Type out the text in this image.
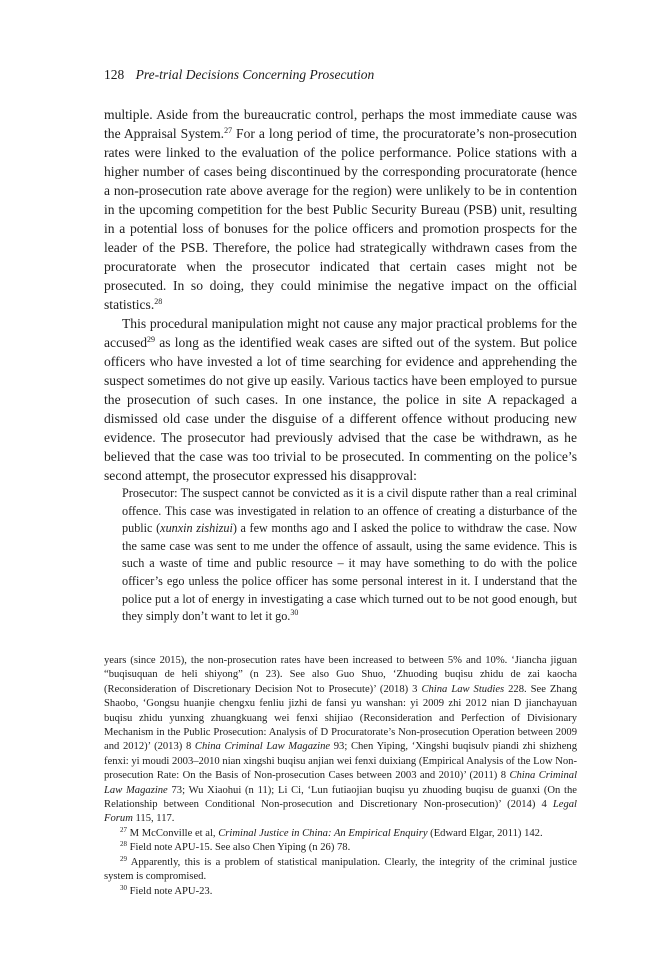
128 Pre-trial Decisions Concerning Prosecution

multiple. Aside from the bureaucratic control, perhaps the most immediate cause was the Appraisal System.$^{27}$ For a long period of time, the procuratorate’s non-prosecution rates were linked to the evaluation of the police performance. Police stations with a higher number of cases being discontinued by the corresponding procuratorate (hence a non-prosecution rate above average for the region) were unlikely to be in contention in the upcoming competition for the best Public Security Bureau (PSB) unit, resulting in a potential loss of bonuses for the police officers and promotion prospects for the leader of the PSB. Therefore, the police had strategically withdrawn cases from the procuratorate when the prosecutor indicated that certain cases might not be prosecuted. In so doing, they could minimise the negative impact on the official statistics.$^{28}$

This procedural manipulation might not cause any major practical problems for the accused$^{29}$ as long as the identified weak cases are sifted out of the system. But police officers who have invested a lot of time searching for evidence and apprehending the suspect sometimes do not give up easily. Various tactics have been employed to pursue the prosecution of such cases. In one instance, the police in site A repackaged a dismissed old case under the disguise of a different offence without producing new evidence. The prosecutor had previously advised that the case be withdrawn, as he believed that the case was too trivial to be prosecuted. In commenting on the police’s second attempt, the prosecutor expressed his disapproval:

Prosecutor: The suspect cannot be convicted as it is a civil dispute rather than a real criminal offence. This case was investigated in relation to an offence of creating a disturbance of the public (xunxin zishizui) a few months ago and I asked the police to withdraw the case. Now the same case was sent to me under the offence of assault, using the same evidence. This is such a waste of time and public resource – it may have something to do with the police officer’s ego unless the police officer has some personal interest in it. I understand that the police put a lot of energy in investigating a case which turned out to be not good enough, but they simply don’t want to let it go.$^{30}$

years (since 2015), the non-prosecution rates have been increased to between 5% and 10%. ‘Jiancha jiguan “buqisuquan de heli shiyong” (n 23). See also Guo Shuo, ‘Zhuoding buqisu zhidu de zai kaocha (Reconsideration of Discretionary Decision Not to Prosecute)’ (2018) 3 China Law Studies 228. See Zhang Shaobo, ‘Gongsu huanjie chengxu fenliu jizhi de fansi yu wanshan: yi 2009 zhi 2012 nian D jianchayuan buqisu zhidu yunxing zhuangkuang wei fenxi shijiao (Reconsideration and Perfection of Divisionary Mechanism in the Public Prosecution: Analysis of D Procuratorate’s Non-prosecution Operation between 2009 and 2012)’ (2013) 8 China Criminal Law Magazine 93; Chen Yiping, ‘Xingshi buqisulv piandi zhi shizheng fenxi: yi moudi 2003–2010 nian xingshi buqisu anjian wei fenxi duixiang (Empirical Analysis of the Low Non-prosecution Rate: On the Basis of Non-prosecution Cases between 2003 and 2010)’ (2011) 8 China Criminal Law Magazine 73; Wu Xiaohui (n 11); Li Ci, ‘Lun futiaojian buqisu yu zhuoding buqisu de guanxi (On the Relationship between Conditional Non-prosecution and Discretionary Non-prosecution)’ (2014) 4 Legal Forum 115, 117.

$^{27}$ M McConville et al, Criminal Justice in China: An Empirical Enquiry (Edward Elgar, 2011) 142.

$^{28}$ Field note APU-15. See also Chen Yiping (n 26) 78.

$^{29}$ Apparently, this is a problem of statistical manipulation. Clearly, the integrity of the criminal justice system is compromised.

$^{30}$ Field note APU-23.
